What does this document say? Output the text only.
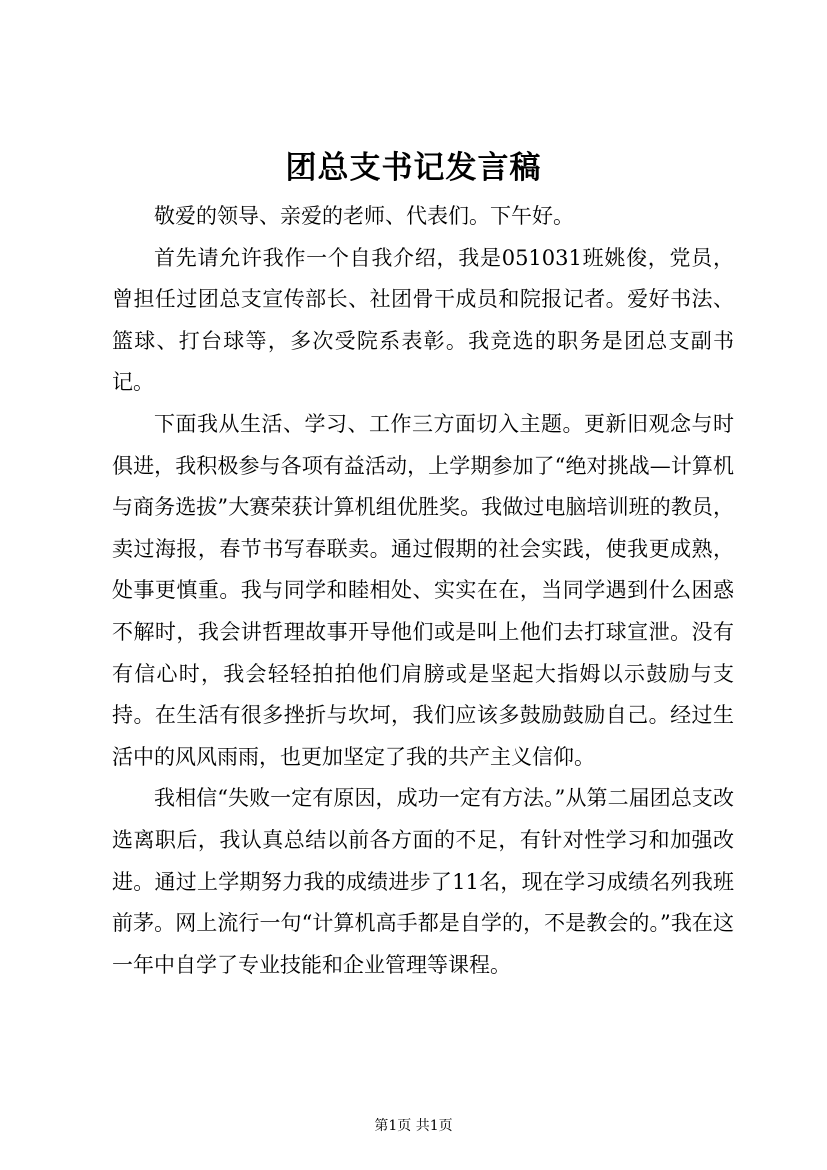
团总支书记发言稿

敬爱的领导、亲爱的老师、代表们。下午好。

首先请允许我作一个自我介绍，我是051031班姚俊，党员，曾担任过团总支宣传部长、社团骨干成员和院报记者。爱好书法、篮球、打台球等，多次受院系表彰。我竞选的职务是团总支副书记。

下面我从生活、学习、工作三方面切入主题。更新旧观念与时俱进，我积极参与各项有益活动，上学期参加了“绝对挑战—计算机与商务选拔”大赛荣获计算机组优胜奖。我做过电脑培训班的教员，卖过海报，春节书写春联卖。通过假期的社会实践，使我更成熟，处事更慎重。我与同学和睦相处、实实在在，当同学遇到什么困惑不解时，我会讲哲理故事开导他们或是叫上他们去打球宣泄。没有有信心时，我会轻轻拍拍他们肩膀或是坚起大指姆以示鼓励与支持。在生活有很多挫折与坎坷，我们应该多鼓励鼓励自己。经过生活中的风风雨雨，也更加坚定了我的共产主义信仰。

我相信“失败一定有原因，成功一定有方法。”从第二届团总支改选离职后，我认真总结以前各方面的不足，有针对性学习和加强改进。通过上学期努力我的成绩进步了11名，现在学习成绩名列我班前茅。网上流行一句“计算机高手都是自学的，不是教会的。”我在这一年中自学了专业技能和企业管理等课程。

第1页 共1页
